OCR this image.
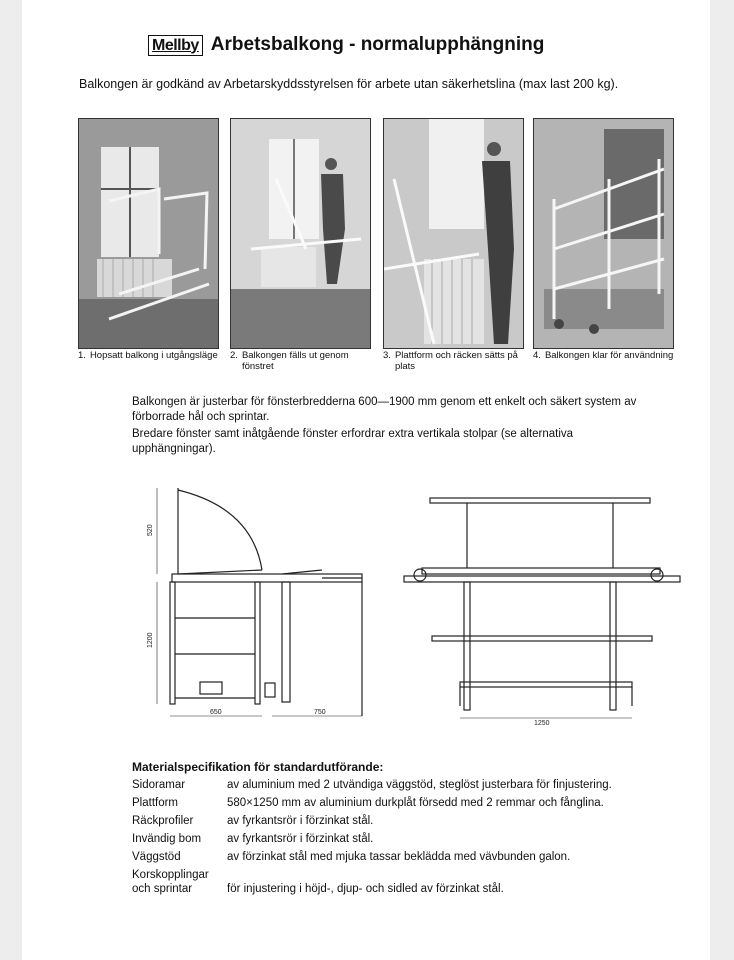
Mellby Arbetsbalkong - normalupphängning
Balkongen är godkänd av Arbetarskyddsstyrelsen för arbete utan säkerhetslina (max last 200 kg).
1. Hopsatt balkong i utgångsläge 2. Balkongen fälls ut genom fönstret
3. Plattform och räcken sätts på plats
4. Balkongen klar för användning
Balkongen är justerbar för fönsterbredderna 600—1900 mm genom ett enkelt och säkert system av förborrade hål och sprintar.
Bredare fönster samt inåtgående fönster erfordrar extra vertikala stolpar (se alternativa upphängningar).
520
1200
650	750
1250
Materialspecifikation för standardutförande:
Sidoramar	av aluminium med 2 utvändiga väggstöd, steglöst justerbara för finjustering.
Plattform	580×1250 mm av aluminium durkplåt försedd med 2 remmar och fånglina.
Räckprofiler	av fyrkantsrör i förzinkat stål.
Invändig bom	av fyrkantsrör i förzinkat stål.
Väggstöd	av förzinkat stål med mjuka tassar beklädda med vävbunden galon.
Korskopplingar och sprintar	för injustering i höjd-, djup- och sidled av förzinkat stål.
